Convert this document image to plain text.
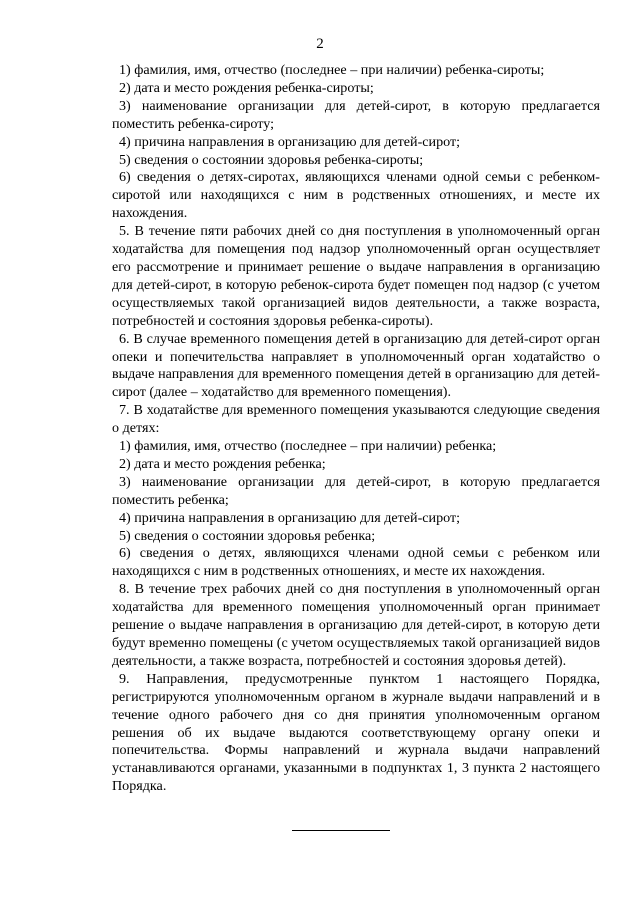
2

1) фамилия, имя, отчество (последнее – при наличии) ребенка-сироты;

2) дата и место рождения ребенка-сироты;

3) наименование организации для детей-сирот, в которую предлагается поместить ребенка-сироту;

4) причина направления в организацию для детей-сирот;

5) сведения о состоянии здоровья ребенка-сироты;

6) сведения о детях-сиротах, являющихся членами одной семьи с ребенком-сиротой или находящихся с ним в родственных отношениях, и месте их нахождения.

5. В течение пяти рабочих дней со дня поступления в уполномоченный орган ходатайства для помещения под надзор уполномоченный орган осуществляет его рассмотрение и принимает решение о выдаче направления в организацию для детей-сирот, в которую ребенок-сирота будет помещен под надзор (с учетом осуществляемых такой организацией видов деятельности, а также возраста, потребностей и состояния здоровья ребенка-сироты).

6. В случае временного помещения детей в организацию для детей-сирот орган опеки и попечительства направляет в уполномоченный орган ходатайство о выдаче направления для временного помещения детей в организацию для детей-сирот (далее – ходатайство для временного помещения).

7. В ходатайстве для временного помещения указываются следующие сведения о детях:

1) фамилия, имя, отчество (последнее – при наличии) ребенка;

2) дата и место рождения ребенка;

3) наименование организации для детей-сирот, в которую предлагается поместить ребенка;

4) причина направления в организацию для детей-сирот;

5) сведения о состоянии здоровья ребенка;

6) сведения о детях, являющихся членами одной семьи с ребенком или находящихся с ним в родственных отношениях, и месте их нахождения.

8. В течение трех рабочих дней со дня поступления в уполномоченный орган ходатайства для временного помещения уполномоченный орган принимает решение о выдаче направления в организацию для детей-сирот, в которую дети будут временно помещены (с учетом осуществляемых такой организацией видов деятельности, а также возраста, потребностей и состояния здоровья детей).

9. Направления, предусмотренные пунктом 1 настоящего Порядка, регистрируются уполномоченным органом в журнале выдачи направлений и в течение одного рабочего дня со дня принятия уполномоченным органом решения об их выдаче выдаются соответствующему органу опеки и попечительства. Формы направлений и журнала выдачи направлений устанавливаются органами, указанными в подпунктах 1, 3 пункта 2 настоящего Порядка.
